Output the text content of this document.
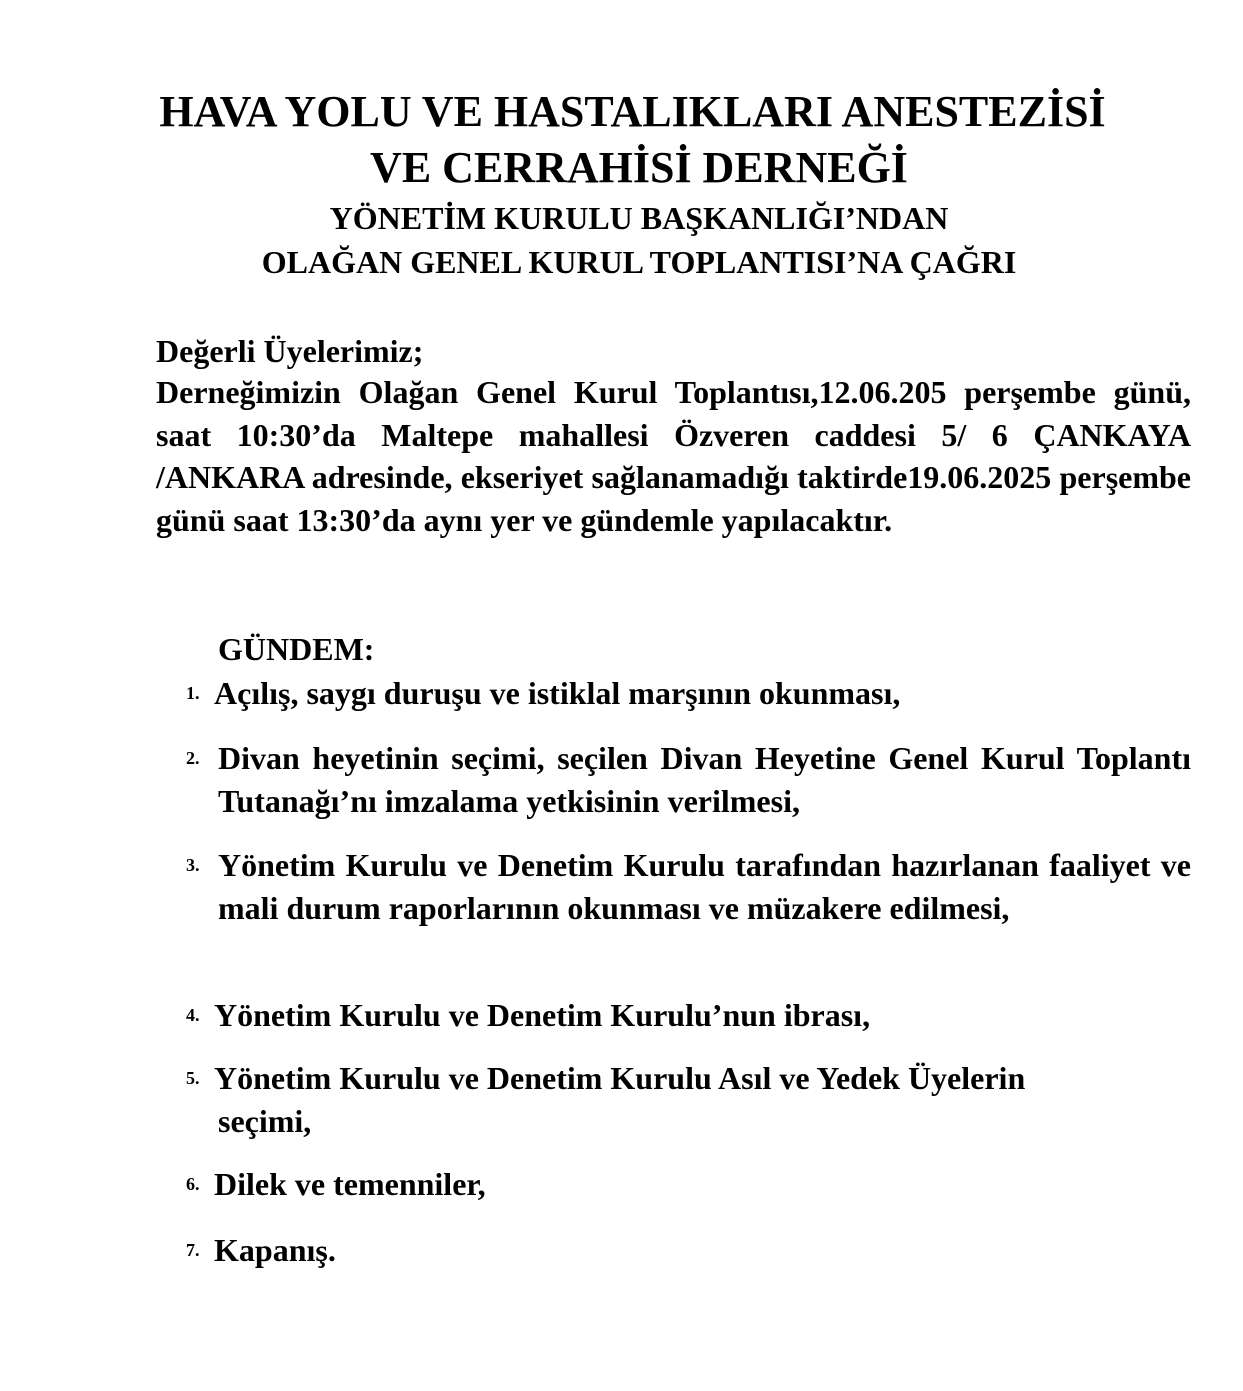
HAVA YOLU VE HASTALIKLARI ANESTEZİSİ
VE CERRAHİSİ DERNEĞİ
YÖNETİM KURULU BAŞKANLIĞI’NDAN
OLAĞAN GENEL KURUL TOPLANTISI’NA ÇAĞRI
Değerli Üyelerimiz;
Derneğimizin Olağan Genel Kurul Toplantısı,12.06.205 perşembe günü, saat 10:30’da Maltepe mahallesi Özveren caddesi 5/ 6 ÇANKAYA /ANKARA adresinde, ekseriyet sağlanamadığı taktirde19.06.2025 perşembe günü saat 13:30’da aynı yer ve gündemle yapılacaktır.
GÜNDEM:
1. Açılış, saygı duruşu ve istiklal marşının okunması,
2. Divan heyetinin seçimi, seçilen Divan Heyetine Genel Kurul Toplantı Tutanağı’nı imzalama yetkisinin verilmesi,
3. Yönetim Kurulu ve Denetim Kurulu tarafından hazırlanan faaliyet ve mali durum raporlarının okunması ve müzakere edilmesi,
4. Yönetim Kurulu ve Denetim Kurulu’nun ibrası,
5. Yönetim Kurulu ve Denetim Kurulu Asıl ve Yedek Üyelerin
seçimi,
6. Dilek ve temenniler,
7. Kapanış.
